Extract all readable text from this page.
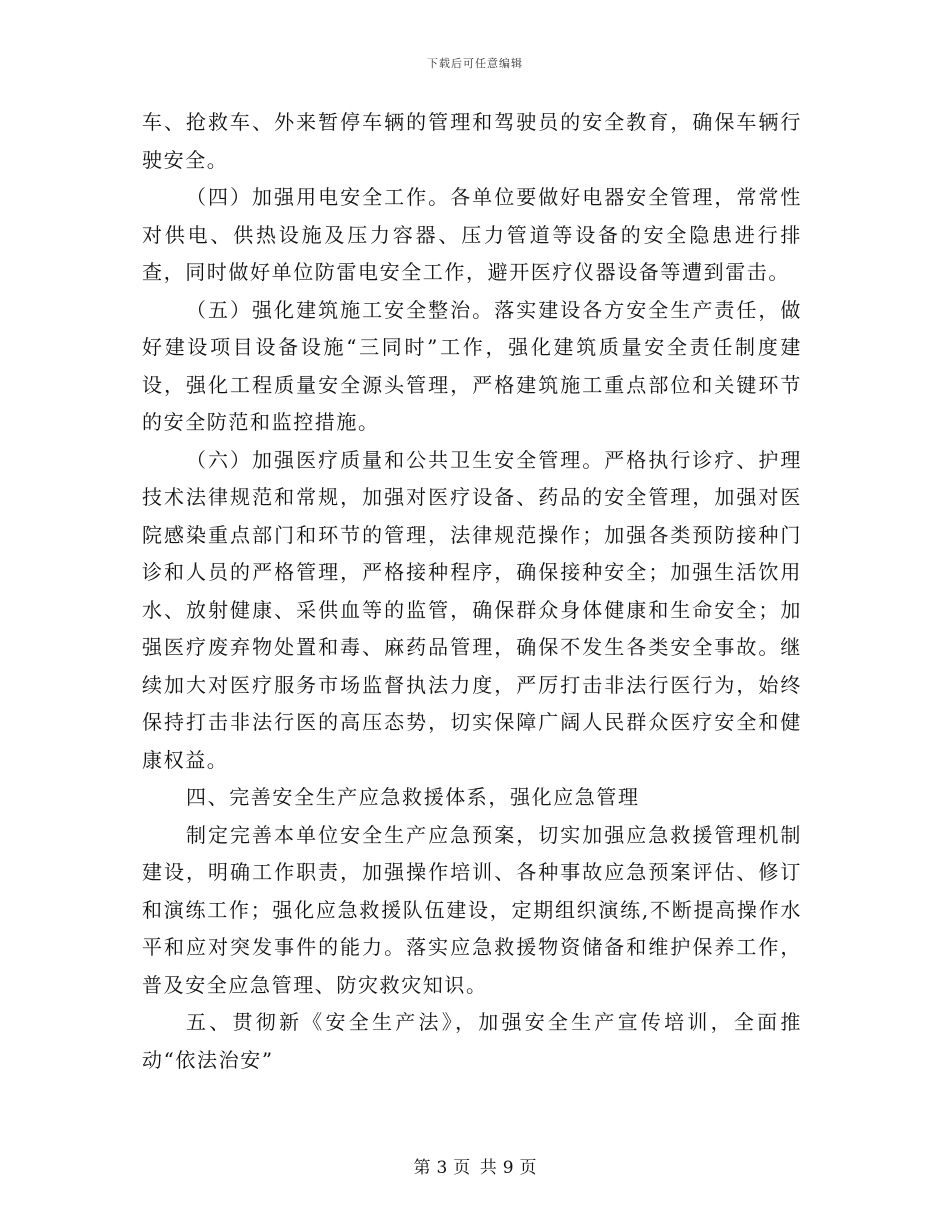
下载后可任意编辑

车、抢救车、外来暂停车辆的管理和驾驶员的安全教育，确保车辆行驶安全。

（四）加强用电安全工作。各单位要做好电器安全管理，常常性对供电、供热设施及压力容器、压力管道等设备的安全隐患进行排查，同时做好单位防雷电安全工作，避开医疗仪器设备等遭到雷击。

（五）强化建筑施工安全整治。落实建设各方安全生产责任，做好建设项目设备设施“三同时”工作，强化建筑质量安全责任制度建设，强化工程质量安全源头管理，严格建筑施工重点部位和关键环节的安全防范和监控措施。

（六）加强医疗质量和公共卫生安全管理。严格执行诊疗、护理技术法律规范和常规，加强对医疗设备、药品的安全管理，加强对医院感染重点部门和环节的管理，法律规范操作；加强各类预防接种门诊和人员的严格管理，严格接种程序，确保接种安全；加强生活饮用水、放射健康、采供血等的监管，确保群众身体健康和生命安全；加强医疗废弃物处置和毒、麻药品管理，确保不发生各类安全事故。继续加大对医疗服务市场监督执法力度，严厉打击非法行医行为，始终保持打击非法行医的高压态势，切实保障广阔人民群众医疗安全和健康权益。

四、完善安全生产应急救援体系，强化应急管理

制定完善本单位安全生产应急预案，切实加强应急救援管理机制建设，明确工作职责，加强操作培训、各种事故应急预案评估、修订和演练工作；强化应急救援队伍建设，定期组织演练,不断提高操作水平和应对突发事件的能力。落实应急救援物资储备和维护保养工作，普及安全应急管理、防灾救灾知识。

五、贯彻新《安全生产法》，加强安全生产宣传培训，全面推动“依法治安”

第 3 页 共 9 页
